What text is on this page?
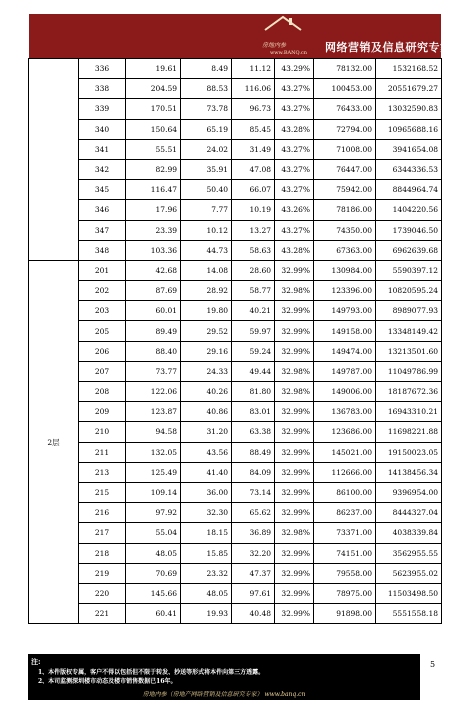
房地内参
www.BANQ.cn 网络营销及信息研究专家
	336	19.61	8.49	11.12	43.29%	78132.00	1532168.52
	338	204.59	88.53	116.06	43.27%	100453.00	20551679.27
	339	170.51	73.78	96.73	43.27%	76433.00	13032590.83
	340	150.64	65.19	85.45	43.28%	72794.00	10965688.16
	341	55.51	24.02	31.49	43.27%	71008.00	3941654.08
	342	82.99	35.91	47.08	43.27%	76447.00	6344336.53
	345	116.47	50.40	66.07	43.27%	75942.00	8844964.74
	346	17.96	7.77	10.19	43.26%	78186.00	1404220.56
	347	23.39	10.12	13.27	43.27%	74350.00	1739046.50
	348	103.36	44.73	58.63	43.28%	67363.00	6962639.68
2层	201	42.68	14.08	28.60	32.99%	130984.00	5590397.12
	202	87.69	28.92	58.77	32.98%	123396.00	10820595.24
	203	60.01	19.80	40.21	32.99%	149793.00	8989077.93
	205	89.49	29.52	59.97	32.99%	149158.00	13348149.42
	206	88.40	29.16	59.24	32.99%	149474.00	13213501.60
	207	73.77	24.33	49.44	32.98%	149787.00	11049786.99
	208	122.06	40.26	81.80	32.98%	149006.00	18187672.36
	209	123.87	40.86	83.01	32.99%	136783.00	16943310.21
	210	94.58	31.20	63.38	32.99%	123686.00	11698221.88
	211	132.05	43.56	88.49	32.99%	145021.00	19150023.05
	213	125.49	41.40	84.09	32.99%	112666.00	14138456.34
	215	109.14	36.00	73.14	32.99%	86100.00	9396954.00
	216	97.92	32.30	65.62	32.99%	86237.00	8444327.04
	217	55.04	18.15	36.89	32.98%	73371.00	4038339.84
	218	48.05	15.85	32.20	32.99%	74151.00	3562955.55
	219	70.69	23.32	47.37	32.99%	79558.00	5623955.02
	220	145.66	48.05	97.61	32.99%	78975.00	11503498.50
	221	60.41	19.93	40.48	32.99%	91898.00	5551558.18
注:
1、本件版权专属，客户不得以包括但不限于转发、抄送等形式将本件向第三方透露。
2、本司监测深圳楼市动态及楼市销售数据已16年。
房地内参（房地产网络营销及信息研究专家） www.banq.cn
5
